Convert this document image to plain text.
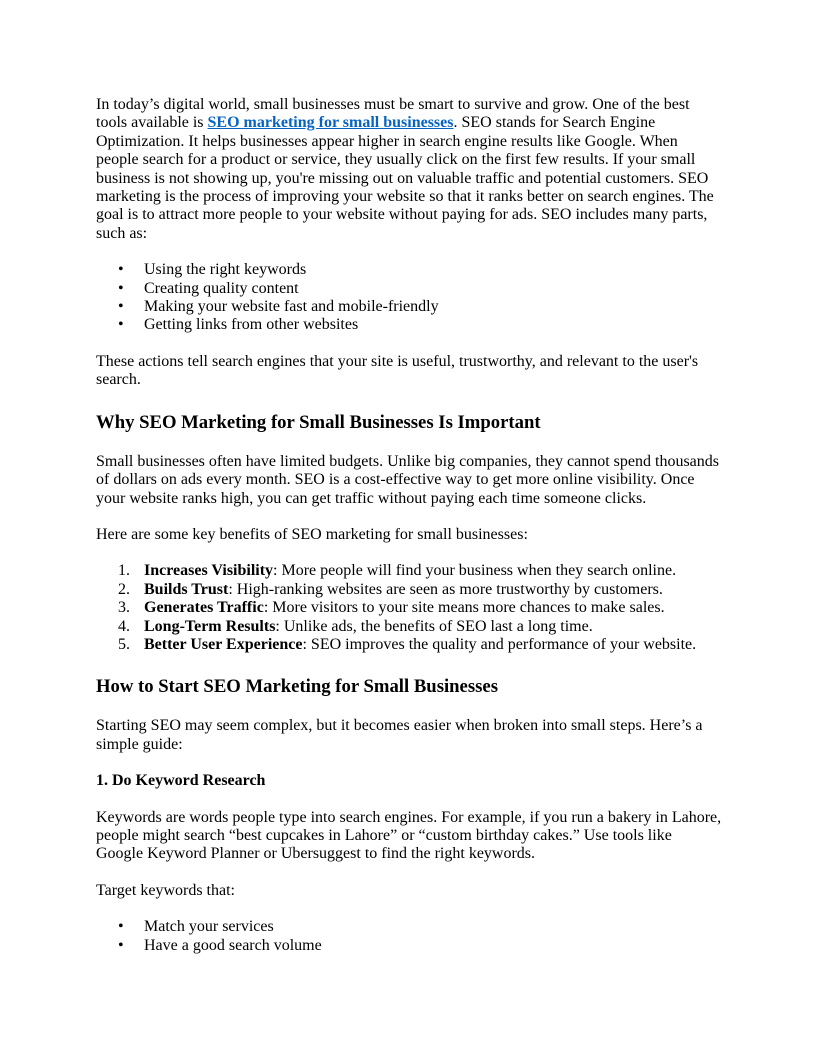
In today’s digital world, small businesses must be smart to survive and grow. One of the best tools available is SEO marketing for small businesses. SEO stands for Search Engine Optimization. It helps businesses appear higher in search engine results like Google. When people search for a product or service, they usually click on the first few results. If your small business is not showing up, you're missing out on valuable traffic and potential customers. SEO marketing is the process of improving your website so that it ranks better on search engines. The goal is to attract more people to your website without paying for ads. SEO includes many parts, such as:

• Using the right keywords
• Creating quality content
• Making your website fast and mobile-friendly
• Getting links from other websites

These actions tell search engines that your site is useful, trustworthy, and relevant to the user's search.

Why SEO Marketing for Small Businesses Is Important

Small businesses often have limited budgets. Unlike big companies, they cannot spend thousands of dollars on ads every month. SEO is a cost-effective way to get more online visibility. Once your website ranks high, you can get traffic without paying each time someone clicks.

Here are some key benefits of SEO marketing for small businesses:

1. Increases Visibility: More people will find your business when they search online.
2. Builds Trust: High-ranking websites are seen as more trustworthy by customers.
3. Generates Traffic: More visitors to your site means more chances to make sales.
4. Long-Term Results: Unlike ads, the benefits of SEO last a long time.
5. Better User Experience: SEO improves the quality and performance of your website.
How to Start SEO Marketing for Small Businesses

Starting SEO may seem complex, but it becomes easier when broken into small steps. Here’s a simple guide:

1. Do Keyword Research

Keywords are words people type into search engines. For example, if you run a bakery in Lahore, people might search “best cupcakes in Lahore” or “custom birthday cakes.” Use tools like Google Keyword Planner or Ubersuggest to find the right keywords.

Target keywords that:

• Match your services
• Have a good search volume
